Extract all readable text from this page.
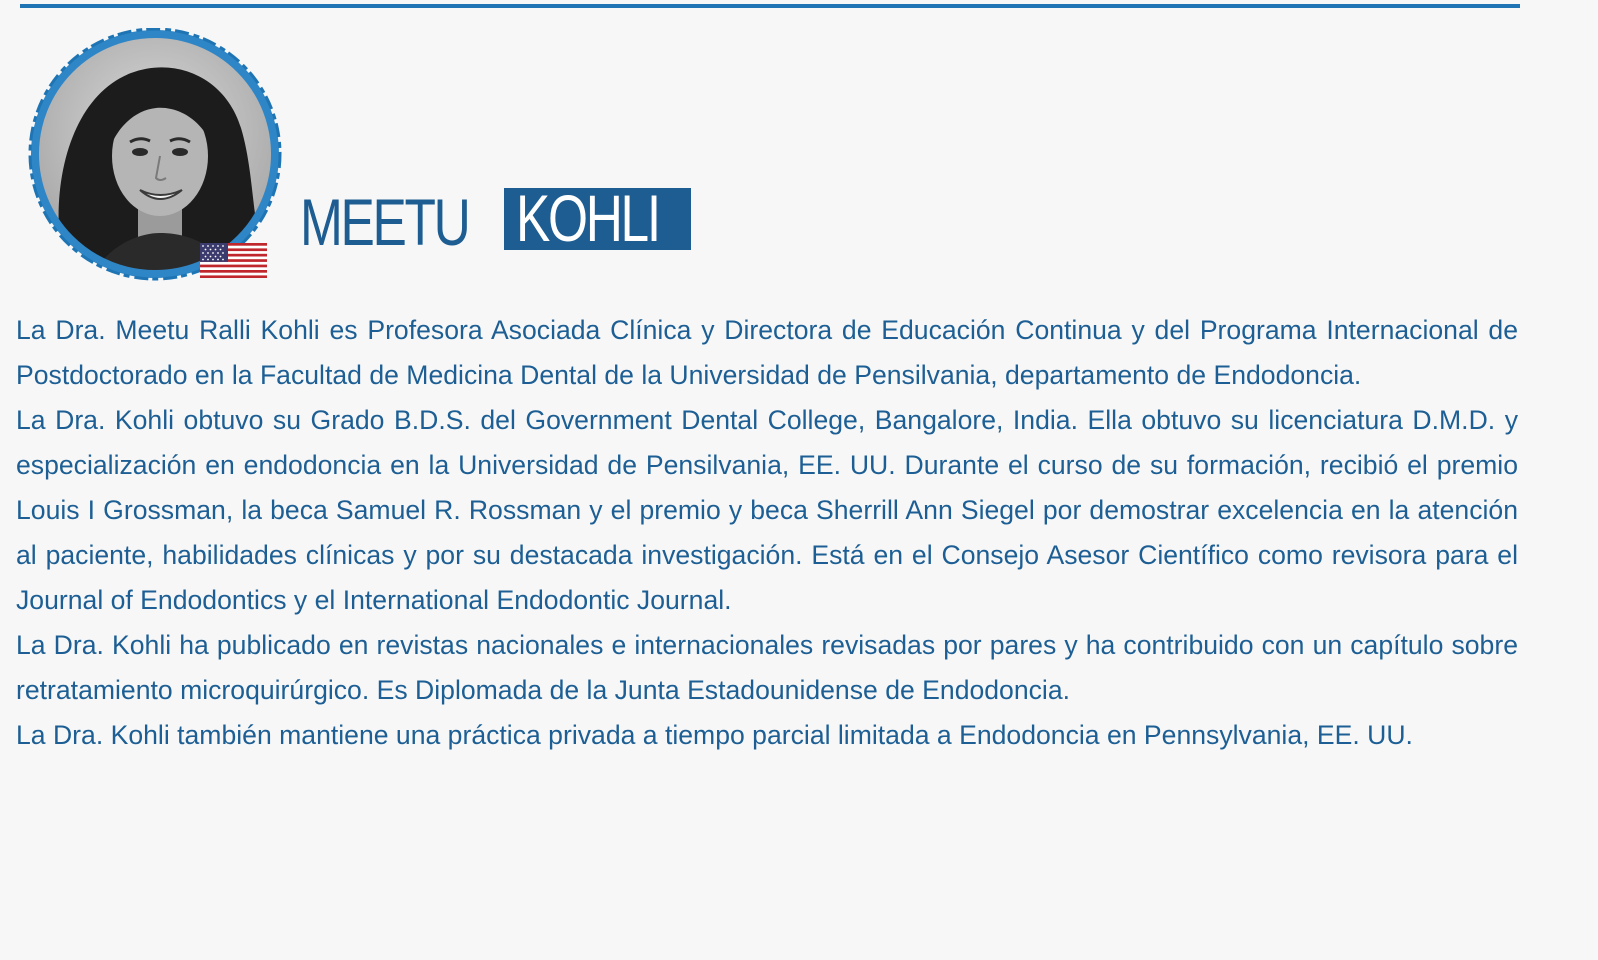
MEETU KOHLI

La Dra. Meetu Ralli Kohli es Profesora Asociada Clínica y Directora de Educación Continua y del Programa Internacional de Postdoctorado en la Facultad de Medicina Dental de la Universidad de Pensilvania, departamento de Endodoncia.

La Dra. Kohli obtuvo su Grado B.D.S. del Government Dental College, Bangalore, India. Ella obtuvo su licenciatura D.M.D. y especialización en endodoncia en la Universidad de Pensilvania, EE. UU. Durante el curso de su formación, recibió el premio Louis I Grossman, la beca Samuel R. Rossman y el premio y beca Sherrill Ann Siegel por demostrar excelencia en la atención al paciente, habilidades clínicas y por su destacada investigación. Está en el Consejo Asesor Científico como revisora para el Journal of Endodontics y el International Endodontic Journal.

La Dra. Kohli ha publicado en revistas nacionales e internacionales revisadas por pares y ha contribuido con un capítulo sobre retratamiento microquirúrgico. Es Diplomada de la Junta Estadounidense de Endodoncia.

La Dra. Kohli también mantiene una práctica privada a tiempo parcial limitada a Endodoncia en Pennsylvania, EE. UU.
